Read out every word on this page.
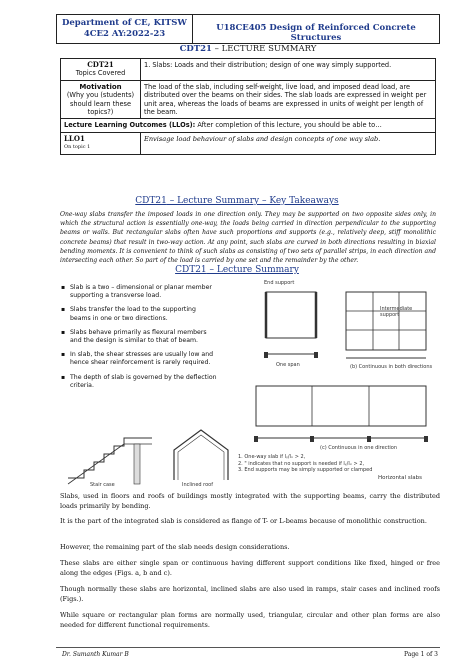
Department of CE, KITSW
4CE2 AY:2022-23
U18CE405 Design of Reinforced Concrete Structures
CDT21 – LECTURE SUMMARY
CDT21
Topics Covered	1. Slabs: Loads and their distribution; design of one way simply supported.

Motivation
(Why you (students) should learn these topics?)	The load of the slab, including self-weight, live load, and imposed dead load, are distributed over the beams on their sides. The slab loads are expressed in weight per unit area, whereas the loads of beams are expressed in units of weight per length of the beam.
Lecture Learning Outcomes (LLOs): After completion of this lecture, you should be able to…	

LLO1
On topic 1	Envisage load behaviour of slabs and design concepts of one way slab.
CDT21 – Lecture Summary – Key Takeaways
One-way slabs transfer the imposed loads in one direction only. They may be supported on two opposite sides only, in which the structural action is essentially one-way, the loads being carried in direction perpendicular to the supporting beams or walls. But rectangular slabs often have such proportions and supports (e.g., relatively deep, stiff monolithic concrete beams) that result in two-way action. At any point, such slabs are curved in both directions resulting in biaxial bending moments. It is convenient to think of such slabs as consisting of two sets of parallel strips, in each direction and intersecting each other. So part of the load is carried by one set and the remainder by the other.
CDT21 – Lecture Summary
▪ Slab is a two – dimensional or planar member supporting a transverse load.
▪ Slabs transfer the load to the supporting beams in one or two directions.
▪ Slabs behave primarily as flexural members and the design is similar to that of beam.
▪ In slab, the shear stresses are usually low and hence shear reinforcement is rarely required.
▪ The depth of slab is governed by the deflection criteria.
Stair case	Inclined roof
End support
Intermediate support
One span	(b) Continuous in both directions
(c) Continuous in one direction
1. One-way slab if lᵧ/lₓ > 2,
2. " indicates that no support is needed if lᵧ/lₓ > 2,
3. End supports may be simply supported or clamped
Horizontal slabs
Slabs, used in floors and roofs of buildings mostly integrated with the supporting beams, carry the distributed loads primarily by bending.
It is the part of the integrated slab is considered as flange of T- or L-beams because of monolithic construction.
However, the remaining part of the slab needs design considerations.
These slabs are either single span or continuous having different support conditions like fixed, hinged or free along the edges (Figs. a, b and c).
Though normally these slabs are horizontal, inclined slabs are also used in ramps, stair cases and inclined roofs (Figs.).
While square or rectangular plan forms are normally used, triangular, circular and other plan forms are also needed for different functional requirements.
Dr. Sumanth Kumar B	Page 1 of 3
